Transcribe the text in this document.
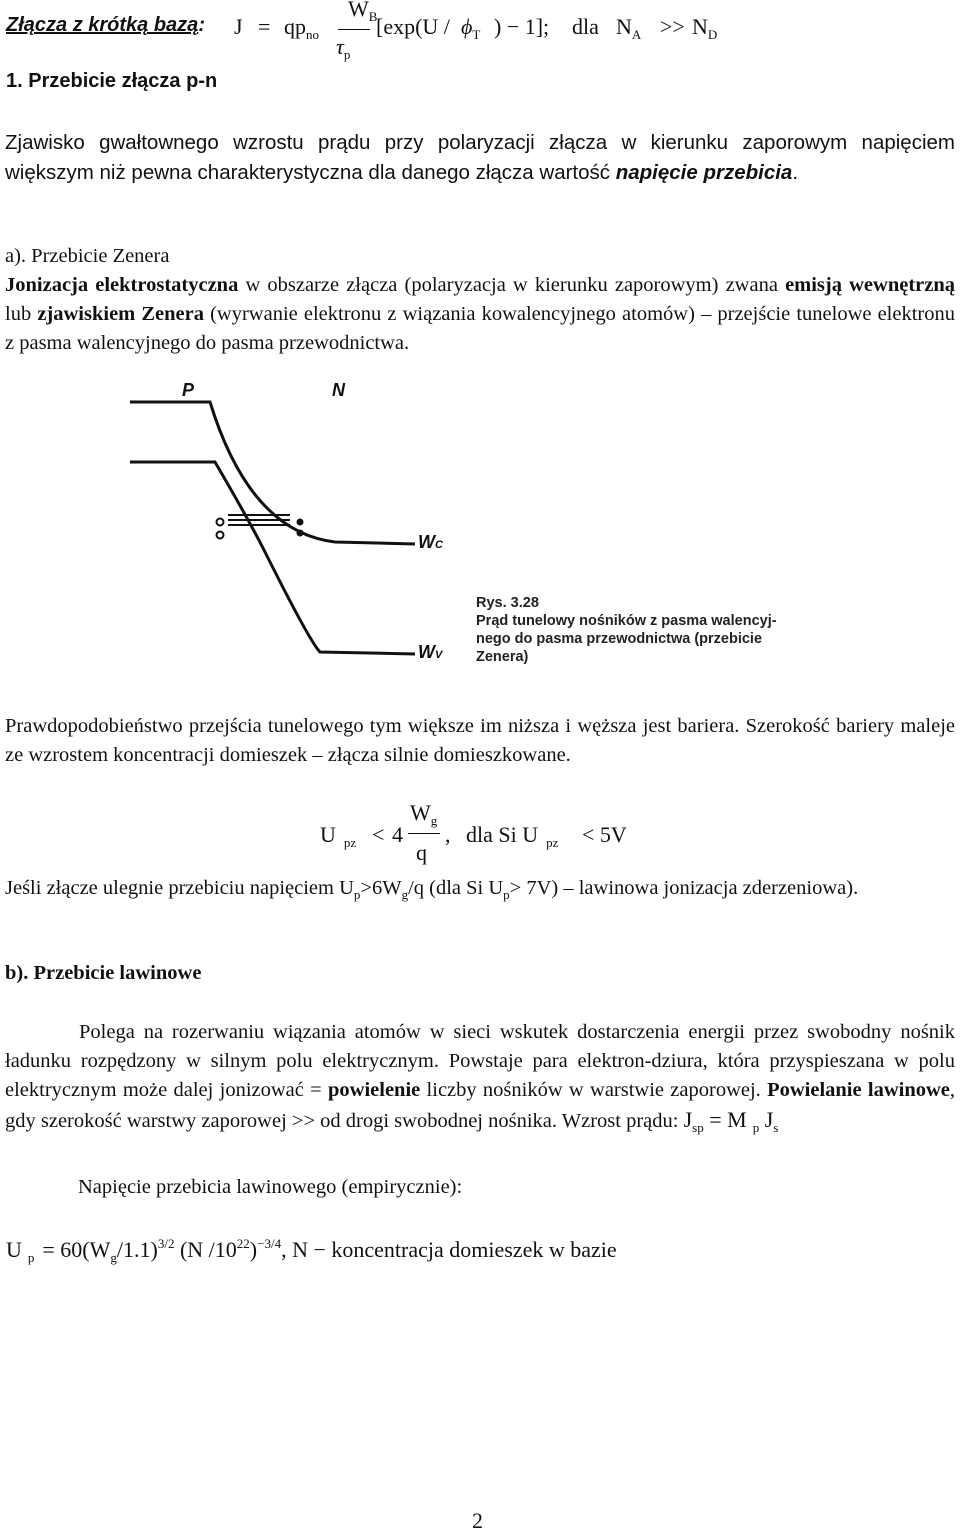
Złącza z krótką bazą: $J = qp_{no}$
$W_B$
$\tau_p$
[$\exp(U / \phi_T$ ) − 1]; dla $N_A >> N_D$
1. Przebicie złącza p-n
Zjawisko gwałtownego wzrostu prądu przy polaryzacji złącza w kierunku zaporowym napięciem większym niż pewna charakterystyczna dla danego złącza wartość napięcie przebicia.
a). Przebicie Zenera
Jonizacja elektrostatyczna w obszarze złącza (polaryzacja w kierunku zaporowym) zwana emisją wewnętrzną lub zjawiskiem Zenera (wyrwanie elektronu z wiązania kowalencyjnego atomów) – przejście tunelowe elektronu z pasma walencyjnego do pasma przewodnictwa.
P	N
WC
WV
Rys. 3.28
Prąd tunelowy nośników z pasma walencyj-
nego do pasma przewodnictwa (przebicie
Zenera)
Prawdopodobieństwo przejścia tunelowego tym większe im niższa i węższa jest bariera. Szerokość bariery maleje ze wzrostem koncentracji domieszek – złącza silnie domieszkowane.
U $_{pz}$ < 4
$W_g$
q
, dla Si U $_{pz}$ < 5V
Jeśli złącze ulegnie przebiciu napięciem $U_p>6W_g/q$ (dla Si $U_p> 7V$) – lawinowa jonizacja zderzeniowa).
b). Przebicie lawinowe
Polega na rozerwaniu wiązania atomów w sieci wskutek dostarczenia energii przez swobodny nośnik ładunku rozpędzony w silnym polu elektrycznym. Powstaje para elektron-dziura, która przyspieszana w polu elektrycznym może dalej jonizować = powielenie liczby nośników w warstwie zaporowej. Powielanie lawinowe, gdy szerokość warstwy zaporowej >> od drogi swobodnej nośnika. Wzrost prądu: $J_{sp} = M$ $_p$ $J_s$
Napięcie przebicia lawinowego (empirycznie):
U $_p = 60(W_g/1.1)^{3/2}$ (N $/10^{22})^{-3/4}$, N − koncentracja domieszek w bazie
2
